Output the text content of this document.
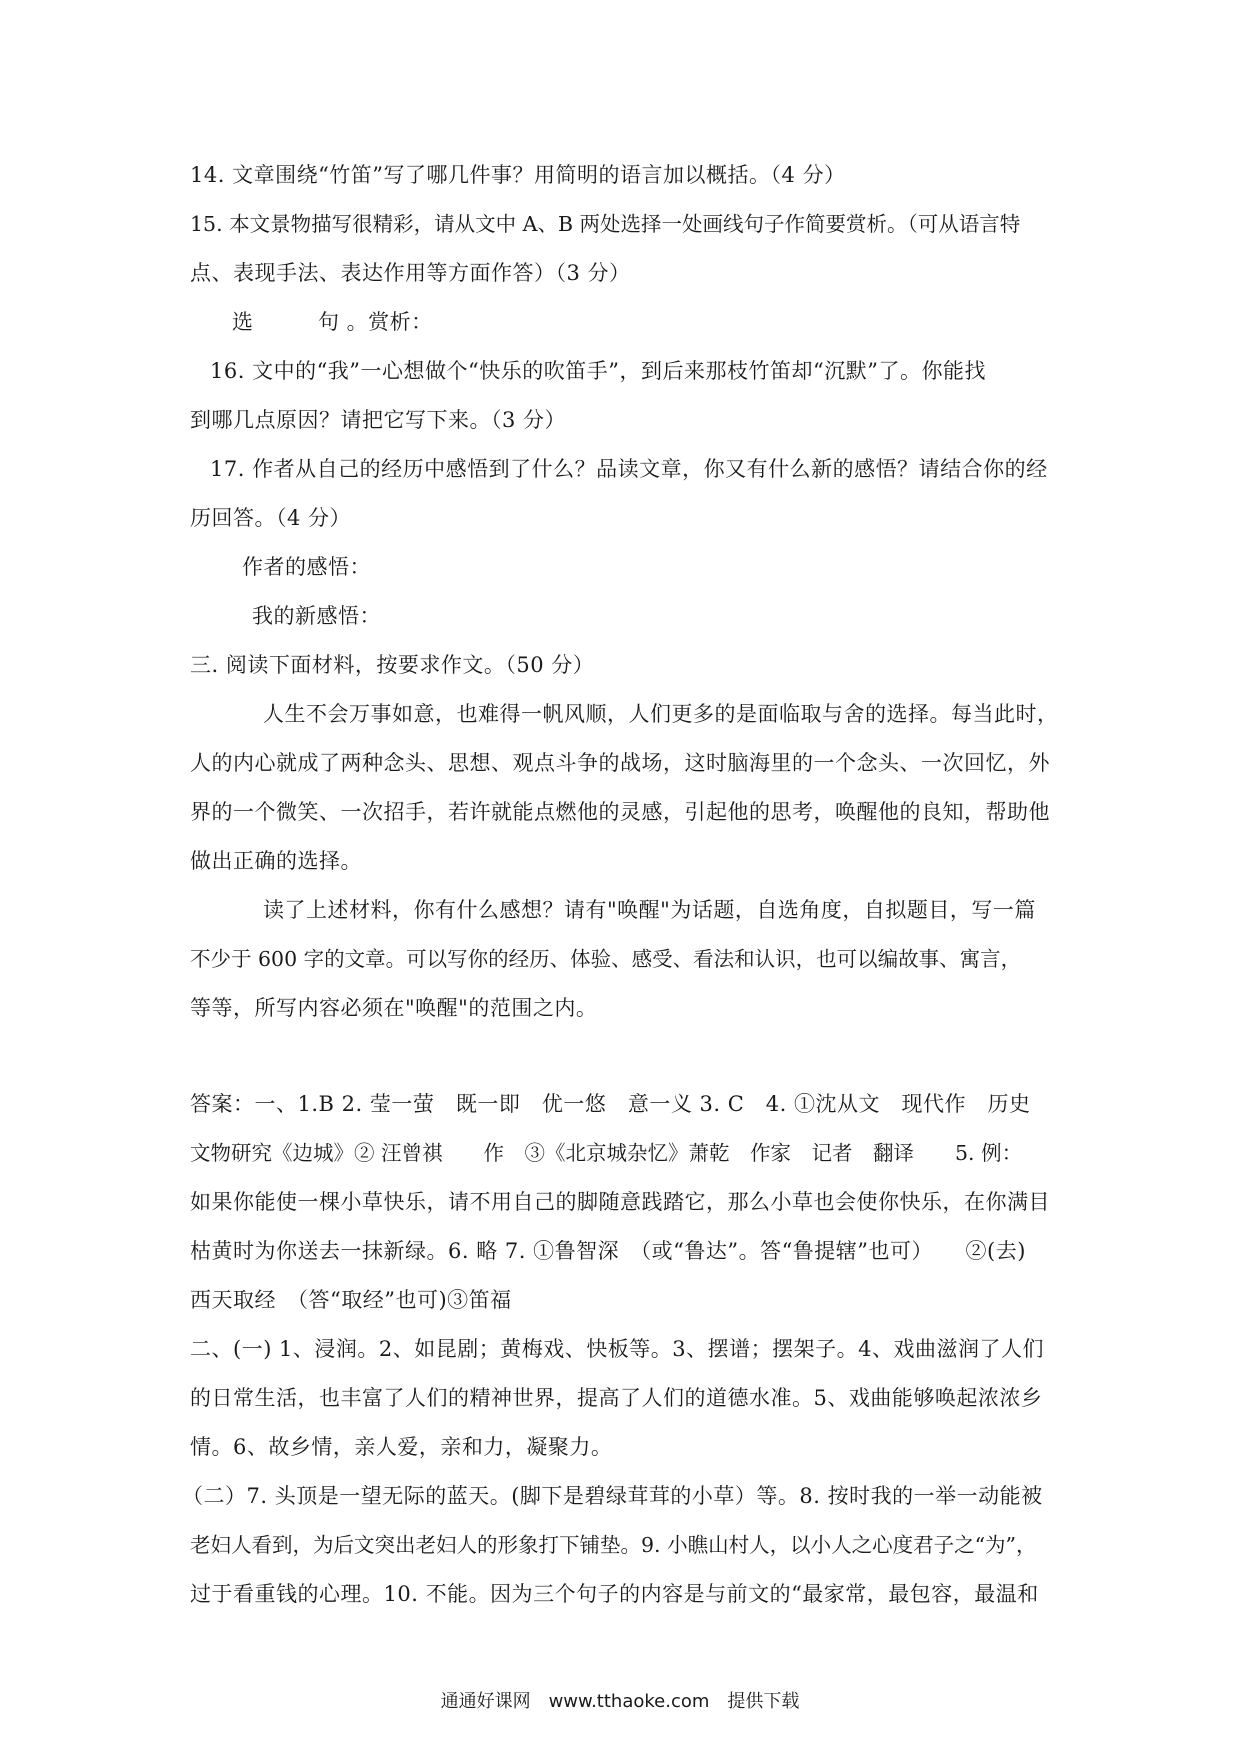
14. 文章围绕“竹笛”写了哪几件事？用简明的语言加以概括。（4 分）
15. 本文景物描写很精彩，请从文中 A、B 两处选择一处画线句子作简要赏析。（可从语言特
点、表现手法、表达作用等方面作答）（3 分）
选　　　句 。赏析：
16. 文中的“我”一心想做个“快乐的吹笛手”，到后来那枝竹笛却“沉默”了。你能找
到哪几点原因？请把它写下来。（3 分）
17. 作者从自己的经历中感悟到了什么？品读文章，你又有什么新的感悟？请结合你的经
历回答。（4 分）
作者的感悟：
我的新感悟：
三. 阅读下面材料，按要求作文。（50 分）
人生不会万事如意，也难得一帆风顺，人们更多的是面临取与舍的选择。每当此时，
人的内心就成了两种念头、思想、观点斗争的战场，这时脑海里的一个念头、一次回忆，外
界的一个微笑、一次招手，若许就能点燃他的灵感，引起他的思考，唤醒他的良知，帮助他
做出正确的选择。
读了上述材料，你有什么感想？请有"唤醒"为话题，自选角度，自拟题目，写一篇
不少于 600 字的文章。可以写你的经历、体验、感受、看法和认识，也可以编故事、寓言，
等等，所写内容必须在"唤醒"的范围之内。
答案：一、1.B 2. 莹一萤　既一即　优一悠　意一义 3. C　4. ①沈从文　现代作　历史
文物研究《边城》② 汪曾祺　　作　③《北京城杂忆》萧乾　作家　记者　翻译　　5. 例：
如果你能使一棵小草快乐，请不用自己的脚随意践踏它，那么小草也会使你快乐，在你满目
枯黄时为你送去一抹新绿。6. 略 7. ①鲁智深　（或“鲁达”。答“鲁提辖”也可）　　②(去)
西天取经　（答“取经”也可)③笛福
二、(一) 1、浸润。2、如昆剧；黄梅戏、快板等。3、摆谱；摆架子。4、戏曲滋润了人们
的日常生活，也丰富了人们的精神世界，提高了人们的道德水准。5、戏曲能够唤起浓浓乡
情。6、故乡情，亲人爱，亲和力，凝聚力。
（二）7. 头顶是一望无际的蓝天。(脚下是碧绿茸茸的小草）等。8. 按时我的一举一动能被
老妇人看到，为后文突出老妇人的形象打下铺垫。9. 小瞧山村人，以小人之心度君子之“为”，
过于看重钱的心理。10. 不能。因为三个句子的内容是与前文的“最家常，最包容，最温和
通通好课网　www.tthaoke.com　提供下载
